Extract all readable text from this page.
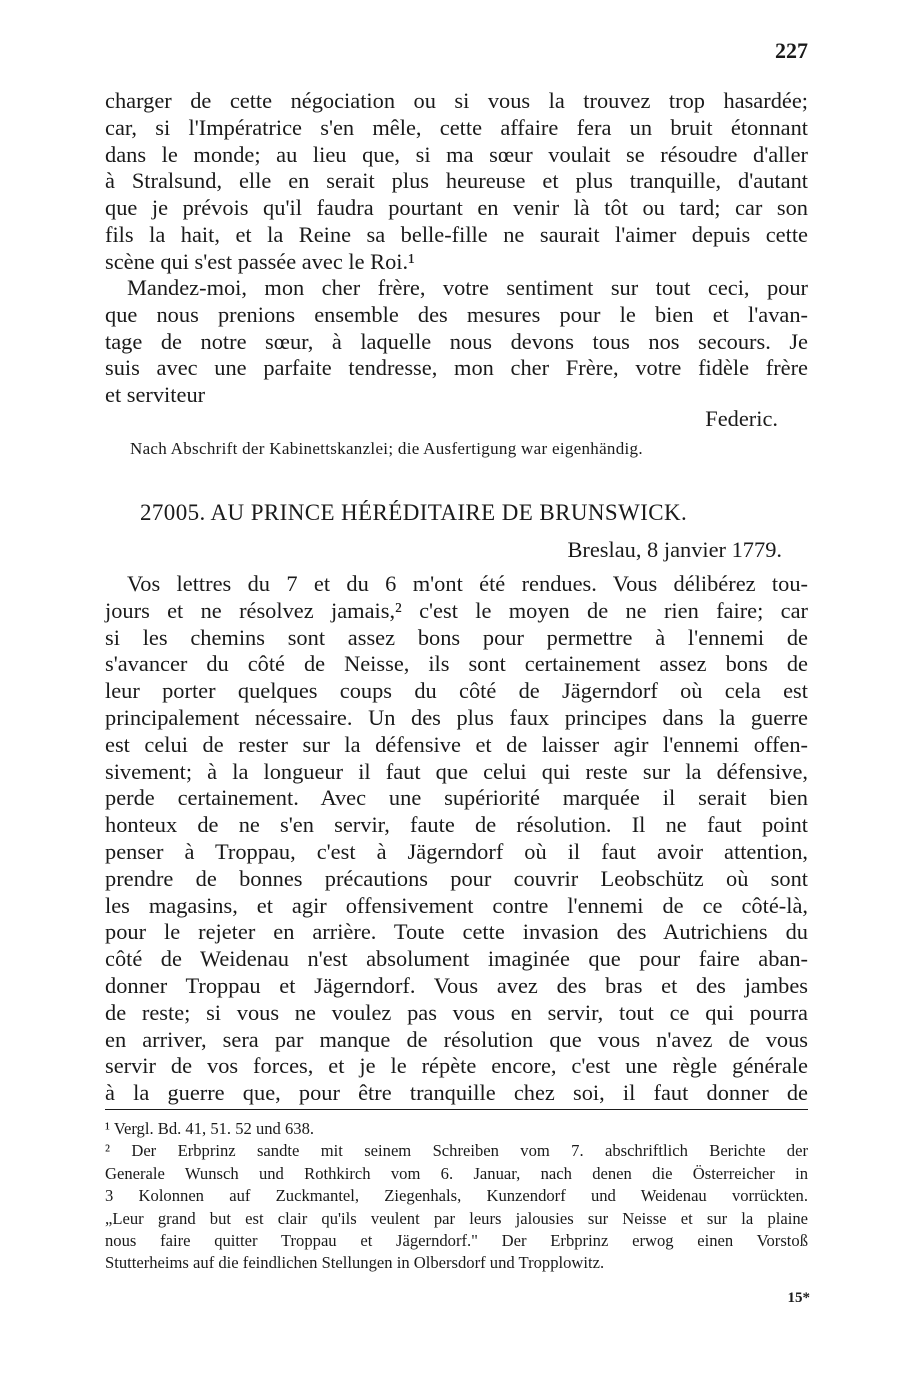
227
charger de cette négociation ou si vous la trouvez trop hasardée;
car, si l'Impératrice s'en mêle, cette affaire fera un bruit étonnant
dans le monde; au lieu que, si ma sœur voulait se résoudre d'aller
à Stralsund, elle en serait plus heureuse et plus tranquille, d'autant
que je prévois qu'il faudra pourtant en venir là tôt ou tard; car son
fils la hait, et la Reine sa belle-fille ne saurait l'aimer depuis cette
scène qui s'est passée avec le Roi.¹
Mandez-moi, mon cher frère, votre sentiment sur tout ceci, pour
que nous prenions ensemble des mesures pour le bien et l'avan-
tage de notre sœur, à laquelle nous devons tous nos secours. Je
suis avec une parfaite tendresse, mon cher Frère, votre fidèle frère
et serviteur
Federic.
Nach Abschrift der Kabinettskanzlei; die Ausfertigung war eigenhändig.
27005. AU PRINCE HÉRÉDITAIRE DE BRUNSWICK.
Breslau, 8 janvier 1779.
Vos lettres du 7 et du 6 m'ont été rendues. Vous délibérez tou-
jours et ne résolvez jamais,² c'est le moyen de ne rien faire; car
si les chemins sont assez bons pour permettre à l'ennemi de
s'avancer du côté de Neisse, ils sont certainement assez bons de
leur porter quelques coups du côté de Jägerndorf où cela est
principalement nécessaire. Un des plus faux principes dans la guerre
est celui de rester sur la défensive et de laisser agir l'ennemi offen-
sivement; à la longueur il faut que celui qui reste sur la défensive,
perde certainement. Avec une supériorité marquée il serait bien
honteux de ne s'en servir, faute de résolution. Il ne faut point
penser à Troppau, c'est à Jägerndorf où il faut avoir attention,
prendre de bonnes précautions pour couvrir Leobschütz où sont
les magasins, et agir offensivement contre l'ennemi de ce côté-là,
pour le rejeter en arrière. Toute cette invasion des Autrichiens du
côté de Weidenau n'est absolument imaginée que pour faire aban-
donner Troppau et Jägerndorf. Vous avez des bras et des jambes
de reste; si vous ne voulez pas vous en servir, tout ce qui pourra
en arriver, sera par manque de résolution que vous n'avez de vous
servir de vos forces, et je le répète encore, c'est une règle générale
à la guerre que, pour être tranquille chez soi, il faut donner de
¹ Vergl. Bd. 41, 51. 52 und 638.
² Der Erbprinz sandte mit seinem Schreiben vom 7. abschriftlich Berichte der
Generale Wunsch und Rothkirch vom 6. Januar, nach denen die Österreicher in
3 Kolonnen auf Zuckmantel, Ziegenhals, Kunzendorf und Weidenau vorrückten.
„Leur grand but est clair qu'ils veulent par leurs jalousies sur Neisse et sur la plaine
nous faire quitter Troppau et Jägerndorf." Der Erbprinz erwog einen Vorstoß
Stutterheims auf die feindlichen Stellungen in Olbersdorf und Tropplowitz.
15*
